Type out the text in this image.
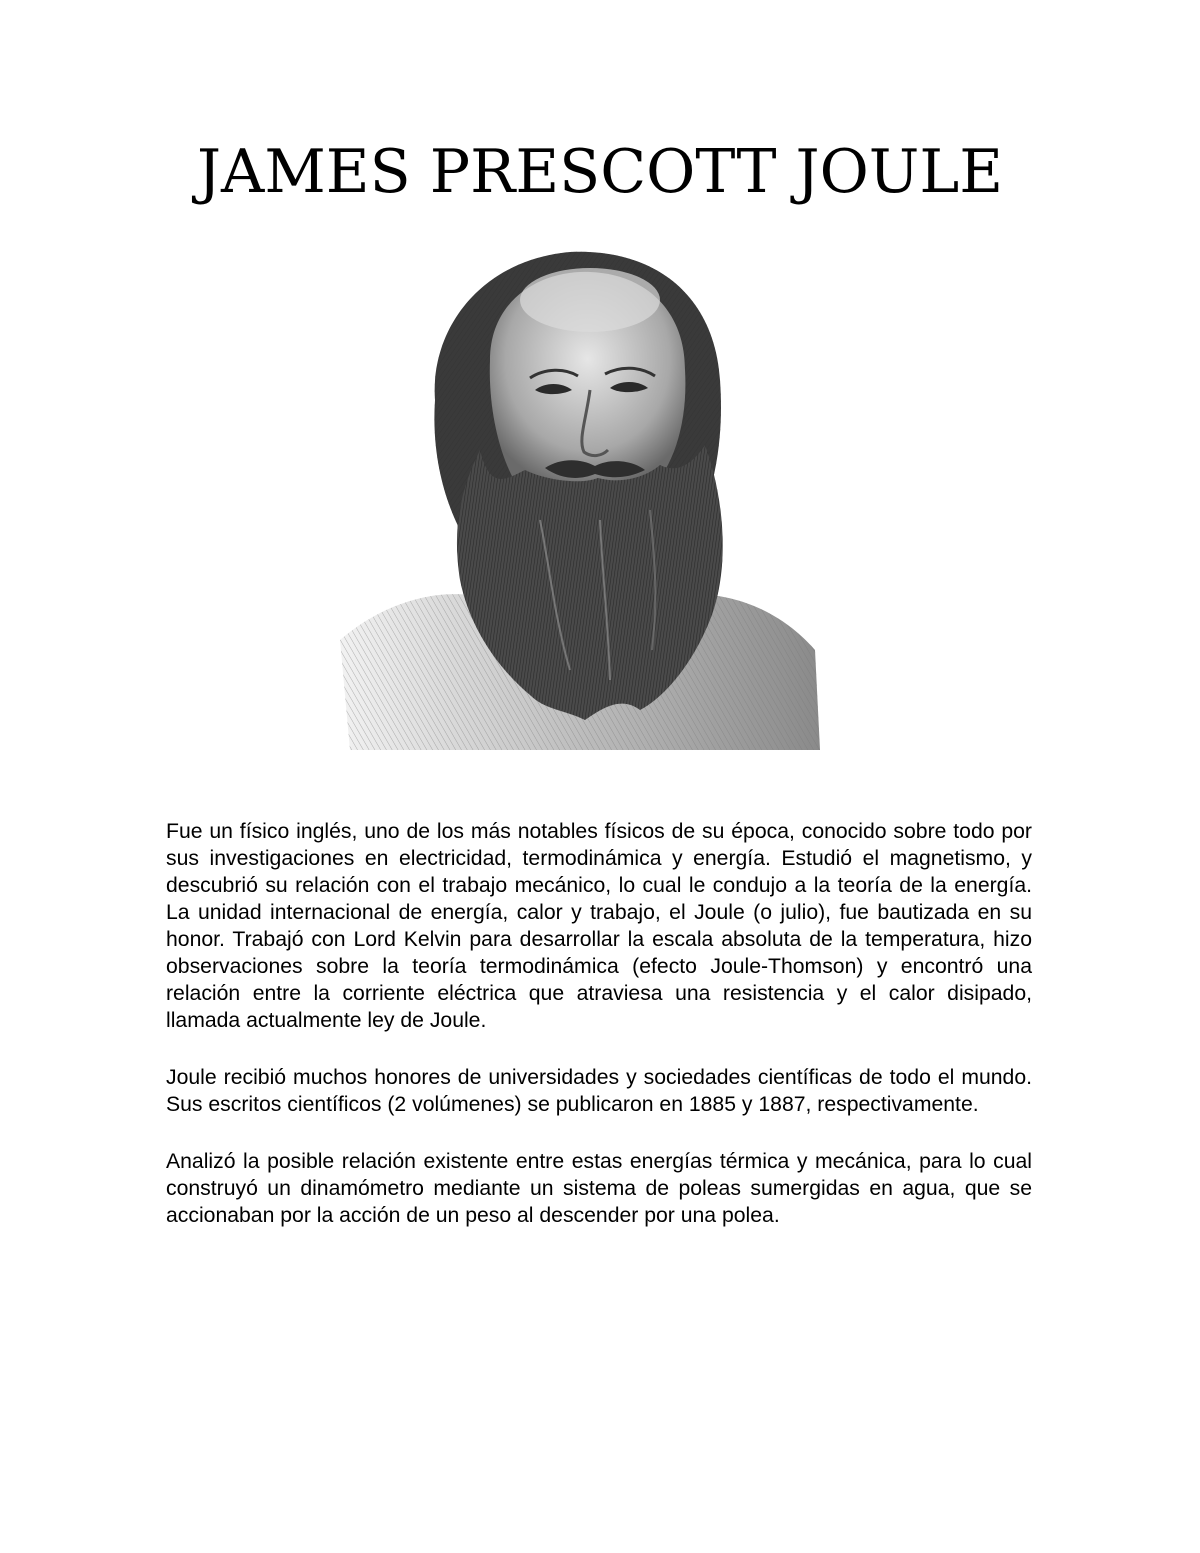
JAMES PRESCOTT JOULE

Fue un físico inglés, uno de los más notables físicos de su época, conocido sobre todo por sus investigaciones en electricidad, termodinámica y energía. Estudió el magnetismo, y descubrió su relación con el trabajo mecánico, lo cual le condujo a la teoría de la energía. La unidad internacional de energía, calor y trabajo, el Joule (o julio), fue bautizada en su honor. Trabajó con Lord Kelvin para desarrollar la escala absoluta de la temperatura, hizo observaciones sobre la teoría termodinámica (efecto Joule-Thomson) y encontró una relación entre la corriente eléctrica que atraviesa una resistencia y el calor disipado, llamada actualmente ley de Joule.

Joule recibió muchos honores de universidades y sociedades científicas de todo el mundo. Sus escritos científicos (2 volúmenes) se publicaron en 1885 y 1887, respectivamente.

Analizó la posible relación existente entre estas energías térmica y mecánica, para lo cual construyó un dinamómetro mediante un sistema de poleas sumergidas en agua, que se accionaban por la acción de un peso al descender por una polea.
